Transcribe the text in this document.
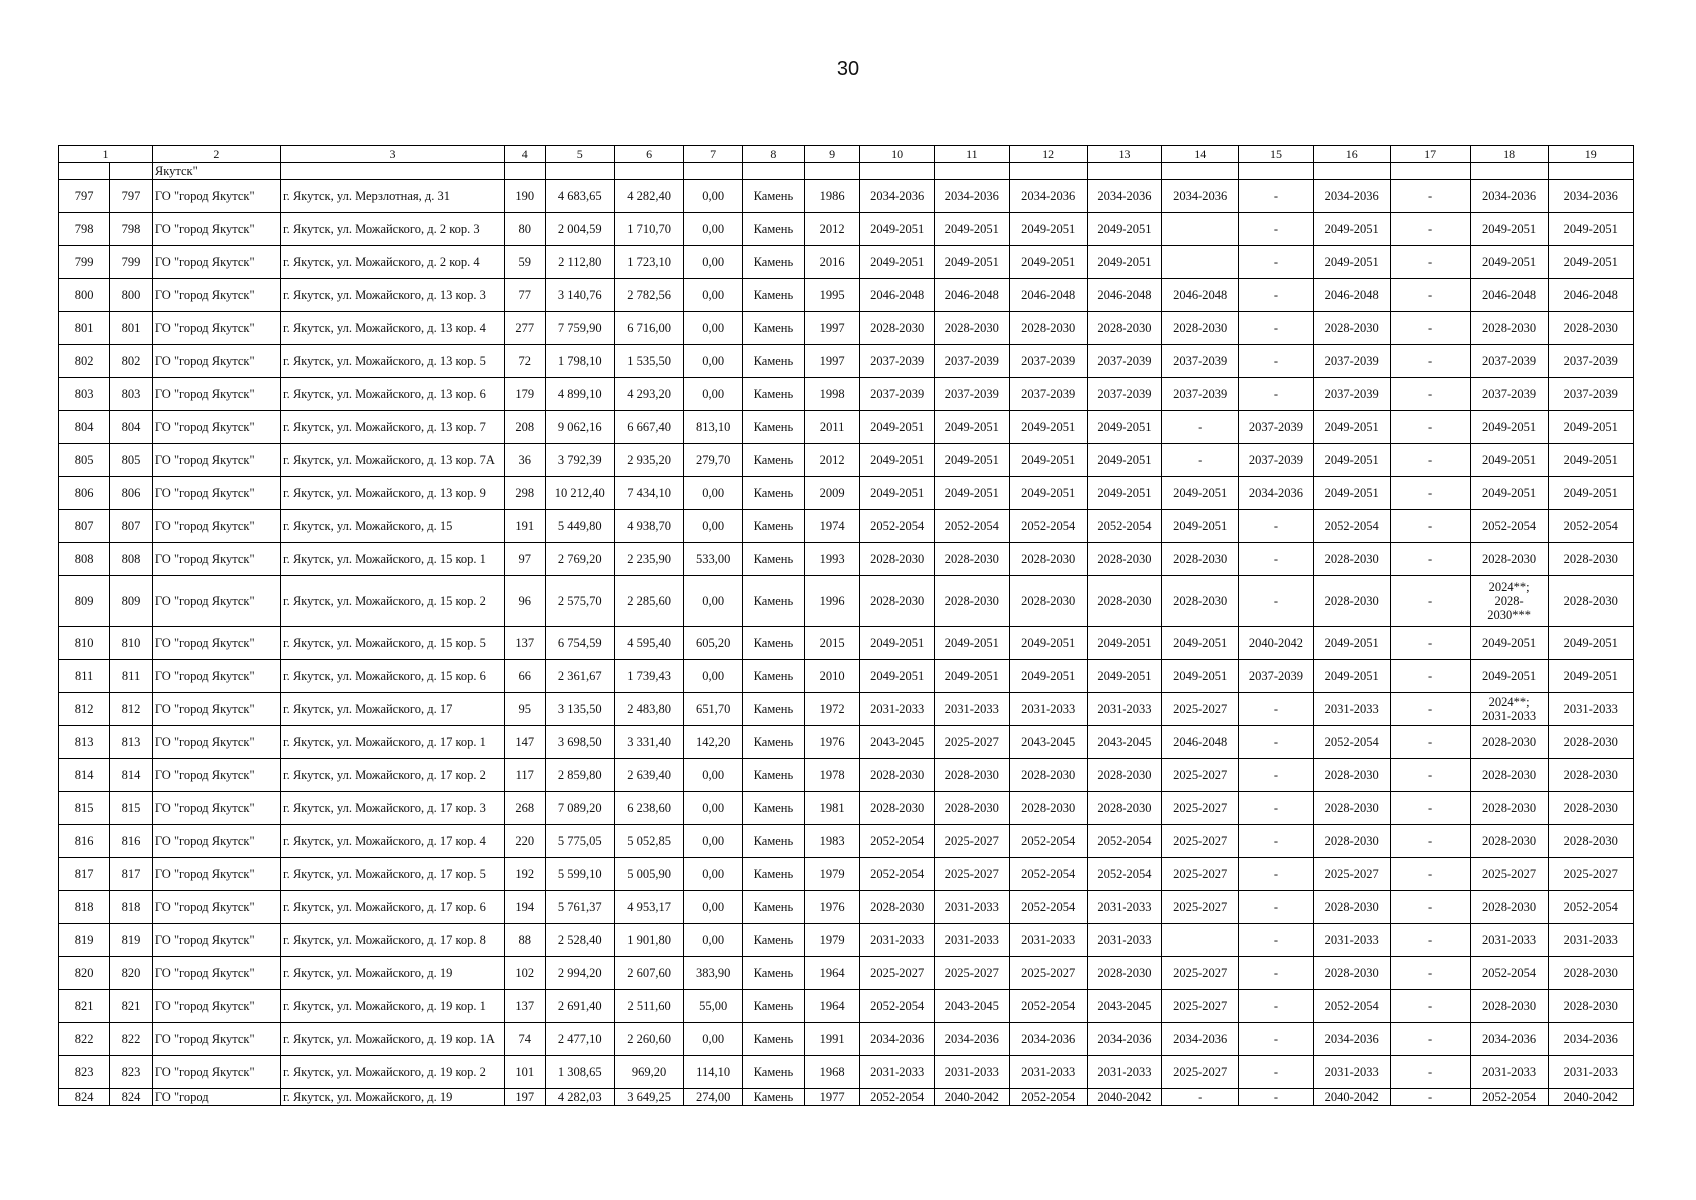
30
1		2	3	4	5	6	7	8	9	10	11	12	13	14	15	16	17	18	19
		Якутск"																	
797	797	ГО "город Якутск"	г. Якутск, ул. Мерзлотная, д. 31	190	4 683,65	4 282,40	0,00	Камень	1986	2034-2036	2034-2036	2034-2036	2034-2036	2034-2036	-	2034-2036	-	2034-2036	2034-2036
798	798	ГО "город Якутск"	г. Якутск, ул. Можайского, д. 2 кор. 3	80	2 004,59	1 710,70	0,00	Камень	2012	2049-2051	2049-2051	2049-2051	2049-2051		-	2049-2051	-	2049-2051	2049-2051
799	799	ГО "город Якутск"	г. Якутск, ул. Можайского, д. 2 кор. 4	59	2 112,80	1 723,10	0,00	Камень	2016	2049-2051	2049-2051	2049-2051	2049-2051		-	2049-2051	-	2049-2051	2049-2051
800	800	ГО "город Якутск"	г. Якутск, ул. Можайского, д. 13 кор. 3	77	3 140,76	2 782,56	0,00	Камень	1995	2046-2048	2046-2048	2046-2048	2046-2048	2046-2048	-	2046-2048	-	2046-2048	2046-2048
801	801	ГО "город Якутск"	г. Якутск, ул. Можайского, д. 13 кор. 4	277	7 759,90	6 716,00	0,00	Камень	1997	2028-2030	2028-2030	2028-2030	2028-2030	2028-2030	-	2028-2030	-	2028-2030	2028-2030
802	802	ГО "город Якутск"	г. Якутск, ул. Можайского, д. 13 кор. 5	72	1 798,10	1 535,50	0,00	Камень	1997	2037-2039	2037-2039	2037-2039	2037-2039	2037-2039	-	2037-2039	-	2037-2039	2037-2039
803	803	ГО "город Якутск"	г. Якутск, ул. Можайского, д. 13 кор. 6	179	4 899,10	4 293,20	0,00	Камень	1998	2037-2039	2037-2039	2037-2039	2037-2039	2037-2039	-	2037-2039	-	2037-2039	2037-2039
804	804	ГО "город Якутск"	г. Якутск, ул. Можайского, д. 13 кор. 7	208	9 062,16	6 667,40	813,10	Камень	2011	2049-2051	2049-2051	2049-2051	2049-2051	-	2037-2039	2049-2051	-	2049-2051	2049-2051
805	805	ГО "город Якутск"	г. Якутск, ул. Можайского, д. 13 кор. 7А	36	3 792,39	2 935,20	279,70	Камень	2012	2049-2051	2049-2051	2049-2051	2049-2051	-	2037-2039	2049-2051	-	2049-2051	2049-2051
806	806	ГО "город Якутск"	г. Якутск, ул. Можайского, д. 13 кор. 9	298	10 212,40	7 434,10	0,00	Камень	2009	2049-2051	2049-2051	2049-2051	2049-2051	2049-2051	2034-2036	2049-2051	-	2049-2051	2049-2051
807	807	ГО "город Якутск"	г. Якутск, ул. Можайского, д. 15	191	5 449,80	4 938,70	0,00	Камень	1974	2052-2054	2052-2054	2052-2054	2052-2054	2049-2051	-	2052-2054	-	2052-2054	2052-2054
808	808	ГО "город Якутск"	г. Якутск, ул. Можайского, д. 15 кор. 1	97	2 769,20	2 235,90	533,00	Камень	1993	2028-2030	2028-2030	2028-2030	2028-2030	2028-2030	-	2028-2030	-	2028-2030	2028-2030
809	809	ГО "город Якутск"	г. Якутск, ул. Можайского, д. 15 кор. 2	96	2 575,70	2 285,60	0,00	Камень	1996	2028-2030	2028-2030	2028-2030	2028-2030	2028-2030	-	2028-2030	-	2024**; 2028-2030***	2028-2030
810	810	ГО "город Якутск"	г. Якутск, ул. Можайского, д. 15 кор. 5	137	6 754,59	4 595,40	605,20	Камень	2015	2049-2051	2049-2051	2049-2051	2049-2051	2049-2051	2040-2042	2049-2051	-	2049-2051	2049-2051
811	811	ГО "город Якутск"	г. Якутск, ул. Можайского, д. 15 кор. 6	66	2 361,67	1 739,43	0,00	Камень	2010	2049-2051	2049-2051	2049-2051	2049-2051	2049-2051	2037-2039	2049-2051	-	2049-2051	2049-2051
812	812	ГО "город Якутск"	г. Якутск, ул. Можайского, д. 17	95	3 135,50	2 483,80	651,70	Камень	1972	2031-2033	2031-2033	2031-2033	2031-2033	2025-2027	-	2031-2033	-	2024**; 2031-2033	2031-2033
813	813	ГО "город Якутск"	г. Якутск, ул. Можайского, д. 17 кор. 1	147	3 698,50	3 331,40	142,20	Камень	1976	2043-2045	2025-2027	2043-2045	2043-2045	2046-2048	-	2052-2054	-	2028-2030	2028-2030
814	814	ГО "город Якутск"	г. Якутск, ул. Можайского, д. 17 кор. 2	117	2 859,80	2 639,40	0,00	Камень	1978	2028-2030	2028-2030	2028-2030	2028-2030	2025-2027	-	2028-2030	-	2028-2030	2028-2030
815	815	ГО "город Якутск"	г. Якутск, ул. Можайского, д. 17 кор. 3	268	7 089,20	6 238,60	0,00	Камень	1981	2028-2030	2028-2030	2028-2030	2028-2030	2025-2027	-	2028-2030	-	2028-2030	2028-2030
816	816	ГО "город Якутск"	г. Якутск, ул. Можайского, д. 17 кор. 4	220	5 775,05	5 052,85	0,00	Камень	1983	2052-2054	2025-2027	2052-2054	2052-2054	2025-2027	-	2028-2030	-	2028-2030	2028-2030
817	817	ГО "город Якутск"	г. Якутск, ул. Можайского, д. 17 кор. 5	192	5 599,10	5 005,90	0,00	Камень	1979	2052-2054	2025-2027	2052-2054	2052-2054	2025-2027	-	2025-2027	-	2025-2027	2025-2027
818	818	ГО "город Якутск"	г. Якутск, ул. Можайского, д. 17 кор. 6	194	5 761,37	4 953,17	0,00	Камень	1976	2028-2030	2031-2033	2052-2054	2031-2033	2025-2027	-	2028-2030	-	2028-2030	2052-2054
819	819	ГО "город Якутск"	г. Якутск, ул. Можайского, д. 17 кор. 8	88	2 528,40	1 901,80	0,00	Камень	1979	2031-2033	2031-2033	2031-2033	2031-2033		-	2031-2033	-	2031-2033	2031-2033
820	820	ГО "город Якутск"	г. Якутск, ул. Можайского, д. 19	102	2 994,20	2 607,60	383,90	Камень	1964	2025-2027	2025-2027	2025-2027	2028-2030	2025-2027	-	2028-2030	-	2052-2054	2028-2030
821	821	ГО "город Якутск"	г. Якутск, ул. Можайского, д. 19 кор. 1	137	2 691,40	2 511,60	55,00	Камень	1964	2052-2054	2043-2045	2052-2054	2043-2045	2025-2027	-	2052-2054	-	2028-2030	2028-2030
822	822	ГО "город Якутск"	г. Якутск, ул. Можайского, д. 19 кор. 1А	74	2 477,10	2 260,60	0,00	Камень	1991	2034-2036	2034-2036	2034-2036	2034-2036	2034-2036	-	2034-2036	-	2034-2036	2034-2036
823	823	ГО "город Якутск"	г. Якутск, ул. Можайского, д. 19 кор. 2	101	1 308,65	969,20	114,10	Камень	1968	2031-2033	2031-2033	2031-2033	2031-2033	2025-2027	-	2031-2033	-	2031-2033	2031-2033
824	824	ГО "город	г. Якутск, ул. Можайского, д. 19	197	4 282,03	3 649,25	274,00	Камень	1977	2052-2054	2040-2042	2052-2054	2040-2042	-	-	2040-2042	-	2052-2054	2040-2042
